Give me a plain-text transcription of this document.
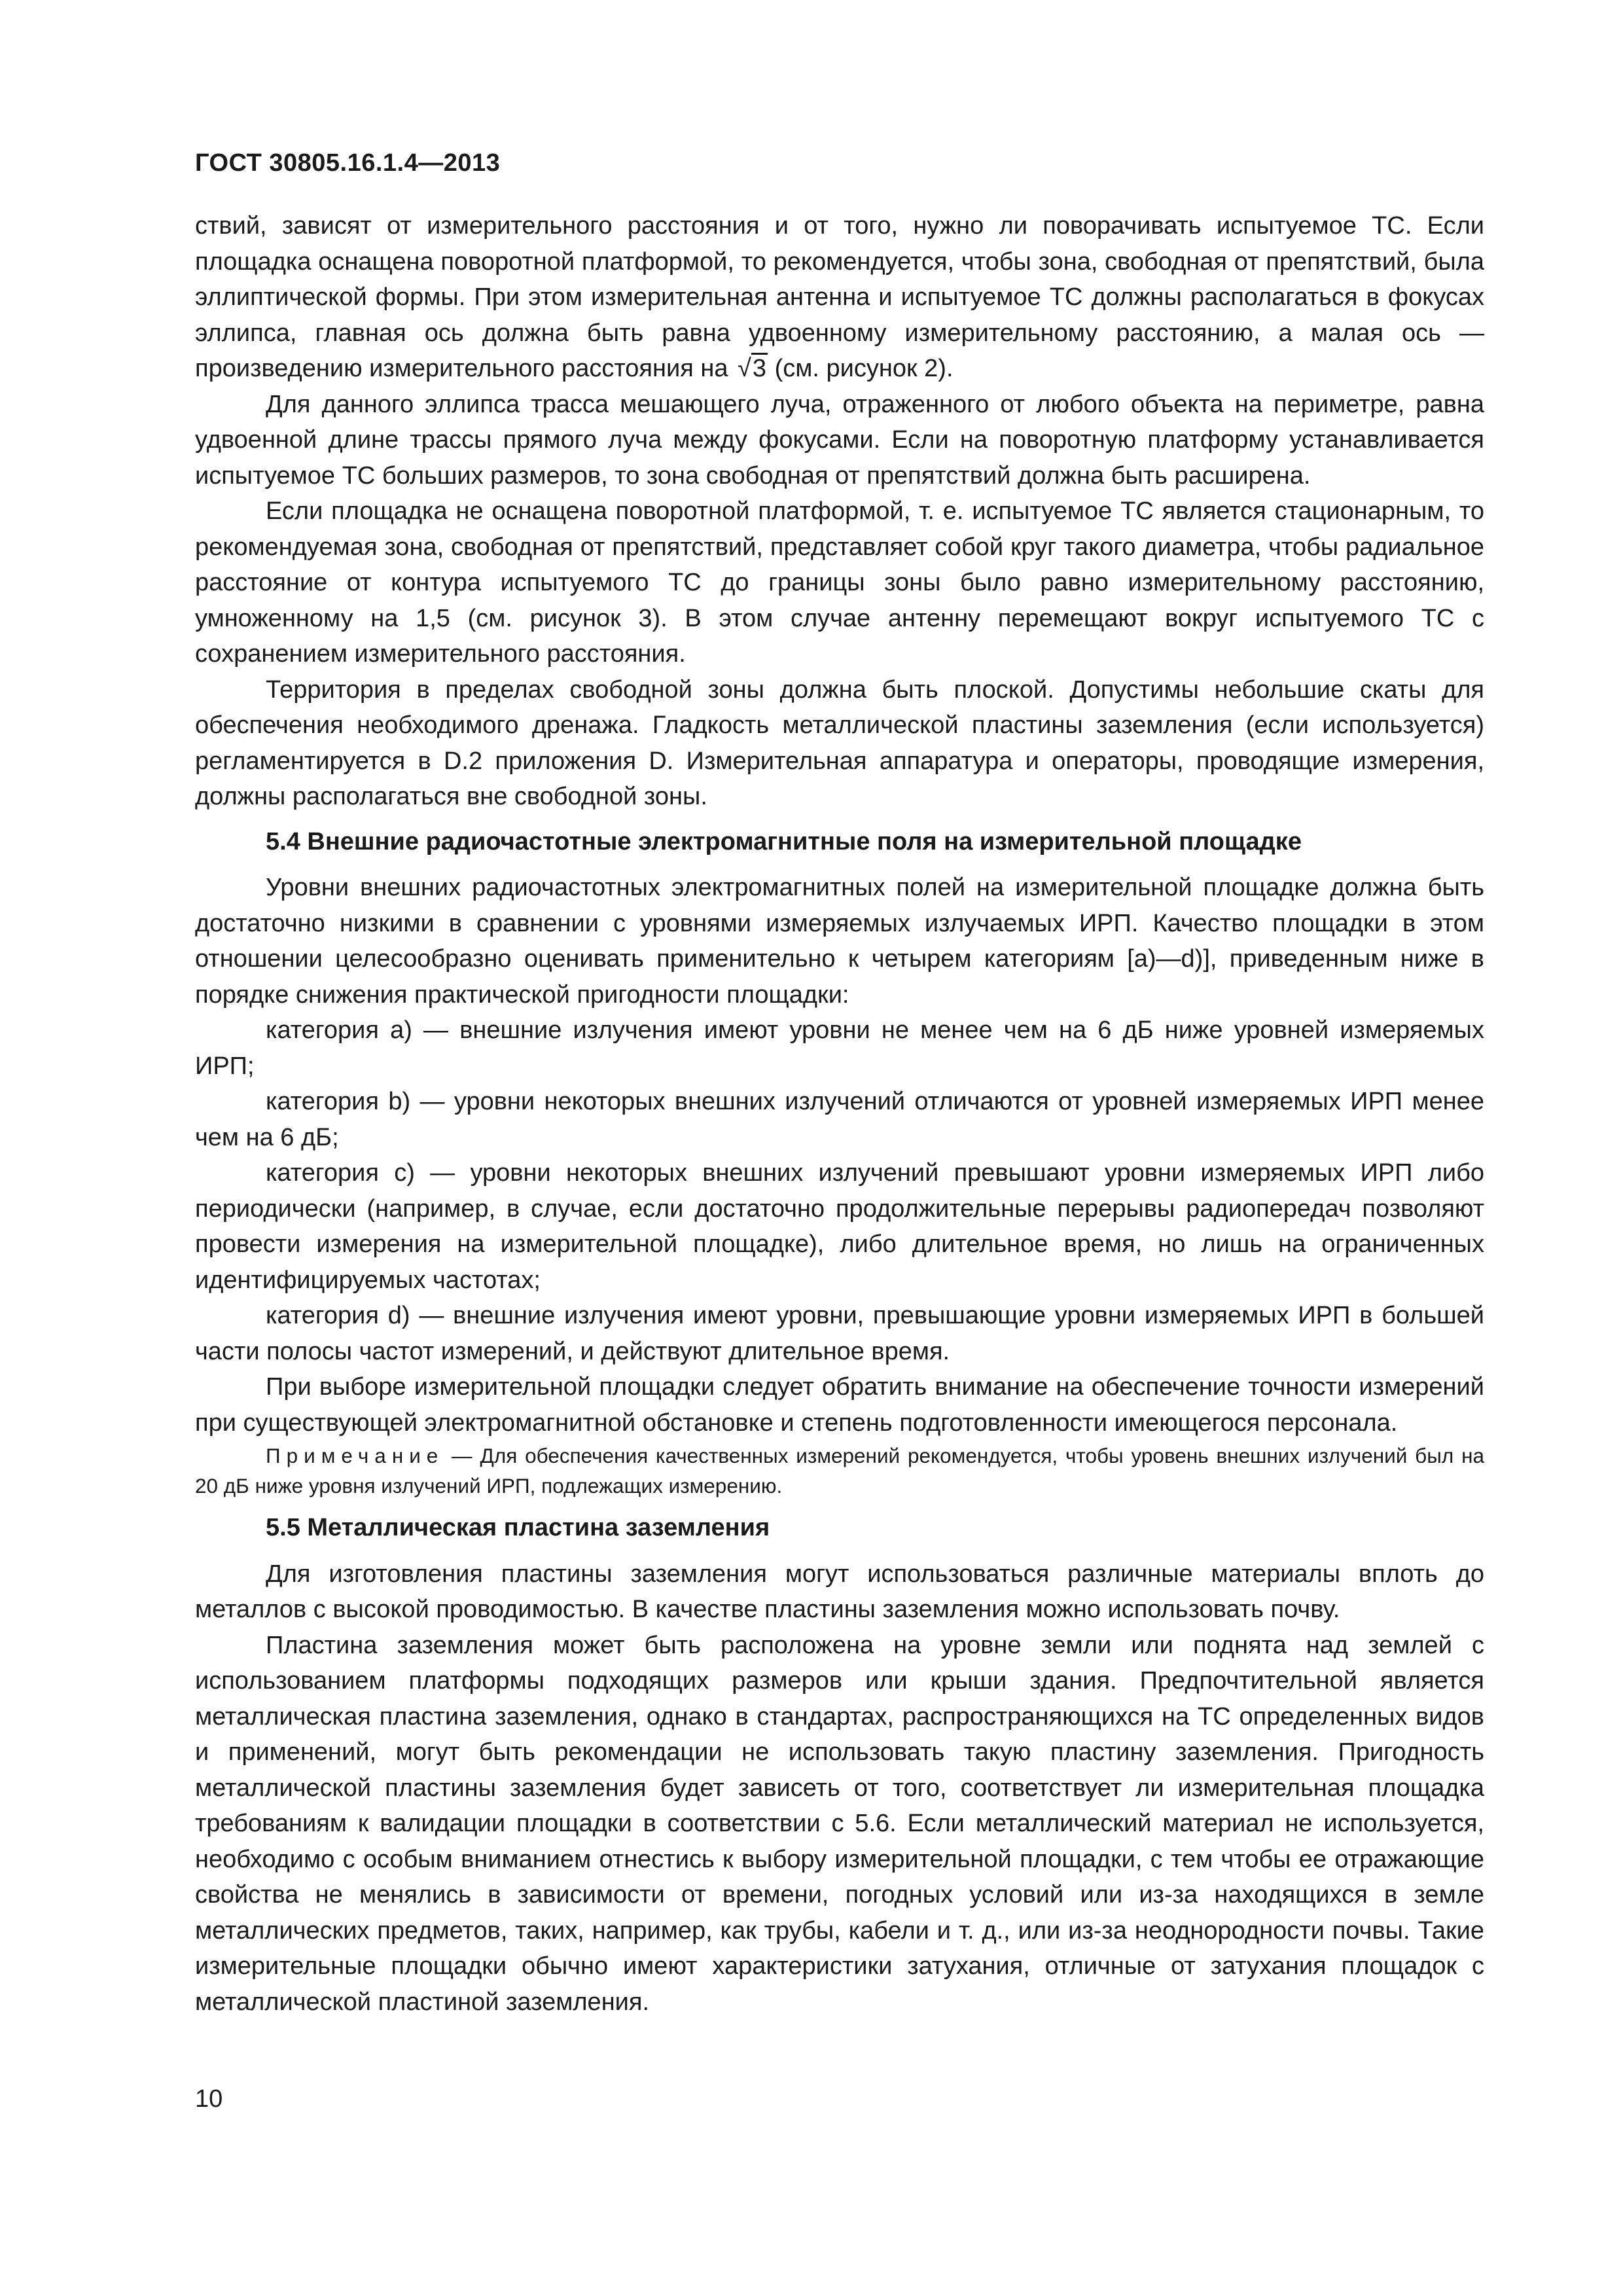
ГОСТ 30805.16.1.4—2013

ствий, зависят от измерительного расстояния и от того, нужно ли поворачивать испытуемое ТС. Если площадка оснащена поворотной платформой, то рекомендуется, чтобы зона, свободная от препятствий, была эллиптической формы. При этом измерительная антенна и испытуемое ТС должны располагаться в фокусах эллипса, главная ось должна быть равна удвоенному измерительному расстоянию, а малая ось — произведению измерительного расстояния на √3 (см. рисунок 2).

Для данного эллипса трасса мешающего луча, отраженного от любого объекта на периметре, равна удвоенной длине трассы прямого луча между фокусами. Если на поворотную платформу устанавливается испытуемое ТС больших размеров, то зона свободная от препятствий должна быть расширена.

Если площадка не оснащена поворотной платформой, т. е. испытуемое ТС является стационарным, то рекомендуемая зона, свободная от препятствий, представляет собой круг такого диаметра, чтобы радиальное расстояние от контура испытуемого ТС до границы зоны было равно измерительному расстоянию, умноженному на 1,5 (см. рисунок 3). В этом случае антенну перемещают вокруг испытуемого ТС с сохранением измерительного расстояния.

Территория в пределах свободной зоны должна быть плоской. Допустимы небольшие скаты для обеспечения необходимого дренажа. Гладкость металлической пластины заземления (если используется) регламентируется в D.2 приложения D. Измерительная аппаратура и операторы, проводящие измерения, должны располагаться вне свободной зоны.

5.4 Внешние радиочастотные электромагнитные поля на измерительной площадке

Уровни внешних радиочастотных электромагнитных полей на измерительной площадке должна быть достаточно низкими в сравнении с уровнями измеряемых излучаемых ИРП. Качество площадки в этом отношении целесообразно оценивать применительно к четырем категориям [a)—d)], приведенным ниже в порядке снижения практической пригодности площадки:

категория a) — внешние излучения имеют уровни не менее чем на 6 дБ ниже уровней измеряемых ИРП;

категория b) — уровни некоторых внешних излучений отличаются от уровней измеряемых ИРП менее чем на 6 дБ;

категория c) — уровни некоторых внешних излучений превышают уровни измеряемых ИРП либо периодически (например, в случае, если достаточно продолжительные перерывы радиопередач позволяют провести измерения на измерительной площадке), либо длительное время, но лишь на ограниченных идентифицируемых частотах;

категория d) — внешние излучения имеют уровни, превышающие уровни измеряемых ИРП в большей части полосы частот измерений, и действуют длительное время.

При выборе измерительной площадки следует обратить внимание на обеспечение точности измерений при существующей электромагнитной обстановке и степень подготовленности имеющегося персонала.

Примечание — Для обеспечения качественных измерений рекомендуется, чтобы уровень внешних излучений был на 20 дБ ниже уровня излучений ИРП, подлежащих измерению.

5.5 Металлическая пластина заземления

Для изготовления пластины заземления могут использоваться различные материалы вплоть до металлов с высокой проводимостью. В качестве пластины заземления можно использовать почву.

Пластина заземления может быть расположена на уровне земли или поднята над землей с использованием платформы подходящих размеров или крыши здания. Предпочтительной является металлическая пластина заземления, однако в стандартах, распространяющихся на ТС определенных видов и применений, могут быть рекомендации не использовать такую пластину заземления. Пригодность металлической пластины заземления будет зависеть от того, соответствует ли измерительная площадка требованиям к валидации площадки в соответствии с 5.6. Если металлический материал не используется, необходимо с особым вниманием отнестись к выбору измерительной площадки, с тем чтобы ее отражающие свойства не менялись в зависимости от времени, погодных условий или из-за находящихся в земле металлических предметов, таких, например, как трубы, кабели и т. д., или из-за неоднородности почвы. Такие измерительные площадки обычно имеют характеристики затухания, отличные от затухания площадок с металлической пластиной заземления.

10
